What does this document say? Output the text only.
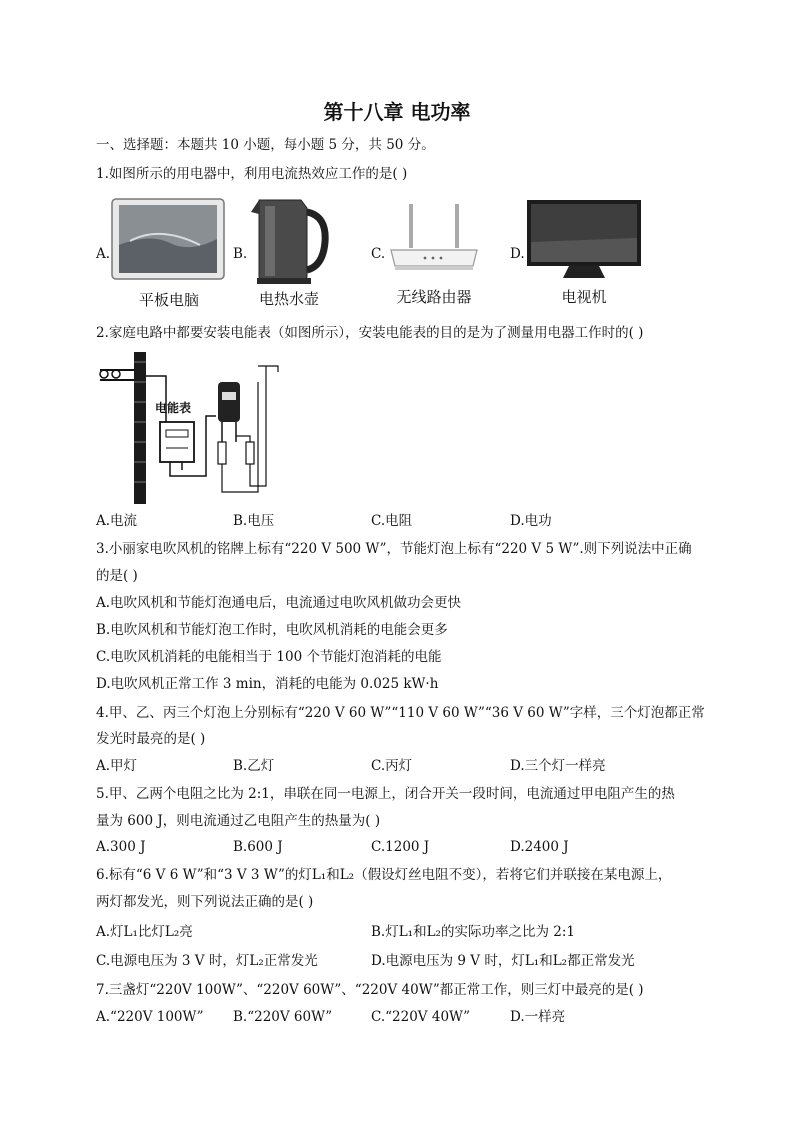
第十八章 电功率
一、选择题：本题共 10 小题，每小题 5 分，共 50 分。
1.如图所示的用电器中，利用电流热效应工作的是( )
A.
平板电脑
B.
电热水壶
C.
无线路由器
D.
电视机
2.家庭电路中都要安装电能表（如图所示），安装电能表的目的是为了测量用电器工作时的( )
电能表
A.电流	B.电压	C.电阻	D.电功
3.小丽家电吹风机的铭牌上标有“220 V 500 W”，节能灯泡上标有“220 V 5 W”.则下列说法中正确
的是( )
A.电吹风机和节能灯泡通电后，电流通过电吹风机做功会更快
B.电吹风机和节能灯泡工作时，电吹风机消耗的电能会更多
C.电吹风机消耗的电能相当于 100 个节能灯泡消耗的电能
D.电吹风机正常工作 3 min，消耗的电能为 0.025 kW·h
4.甲、乙、丙三个灯泡上分别标有“220 V 60 W”“110 V 60 W”“36 V 60 W”字样，三个灯泡都正常
发光时最亮的是( )
A.甲灯	B.乙灯	C.丙灯	D.三个灯一样亮
5.甲、乙两个电阻之比为 2:1，串联在同一电源上，闭合开关一段时间，电流通过甲电阻产生的热
量为 600 J，则电流通过乙电阻产生的热量为( )
A.300 J	B.600 J	C.1200 J	D.2400 J
6.标有“6 V 6 W”和“3 V 3 W”的灯L₁和L₂（假设灯丝电阻不变），若将它们并联接在某电源上，
两灯都发光，则下列说法正确的是( )
A.灯L₁比灯L₂亮	B.灯L₁和L₂的实际功率之比为 2:1
C.电源电压为 3 V 时，灯L₂正常发光	D.电源电压为 9 V 时，灯L₁和L₂都正常发光
7.三盏灯“220V 100W”、“220V 60W”、“220V 40W”都正常工作，则三灯中最亮的是( )
A.“220V 100W” B.“220V 60W”	C.“220V 40W”	D.一样亮
